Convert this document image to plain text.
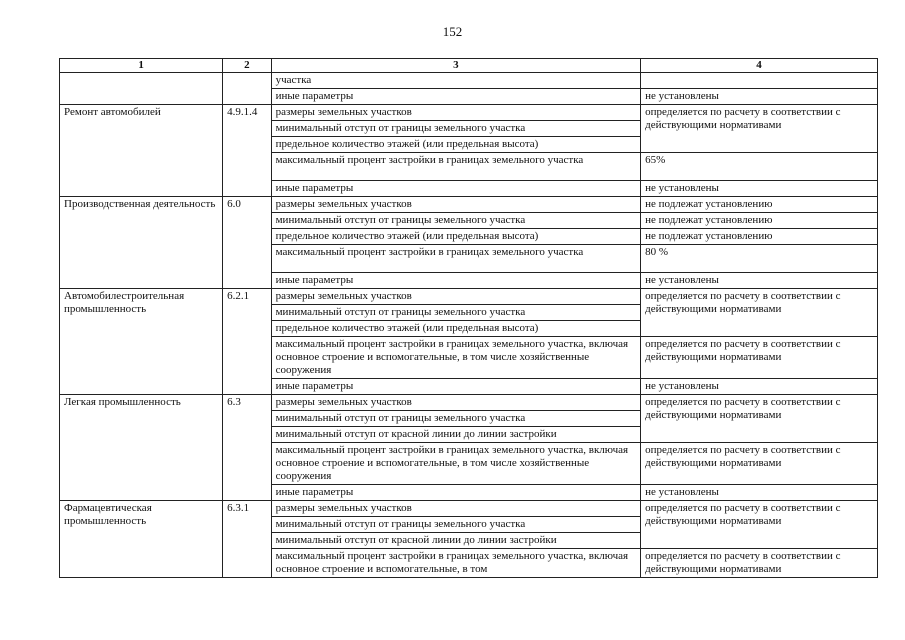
152
1	2	3	4
		участка	
		иные параметры	не установлены
Ремонт автомобилей	4.9.1.4	размеры земельных участков	определяется по расчету в соответствии с действующими нормативами
		минимальный отступ от границы земельного участка	
		предельное количество этажей (или предельная высота)	
		максимальный процент застройки в границах земельного участка	65%
		иные параметры	не установлены
Производственная деятельность	6.0	размеры земельных участков	не подлежат установлению
		минимальный отступ от границы земельного участка	не подлежат установлению
		предельное количество этажей (или предельная высота)	не подлежат установлению
		максимальный процент застройки в границах земельного участка	80 %
		иные параметры	не установлены
Автомобилестроительная промышленность	6.2.1	размеры земельных участков	определяется по расчету в соответствии с действующими нормативами
		минимальный отступ от границы земельного участка	
		предельное количество этажей (или предельная высота)	
		максимальный процент застройки в границах земельного участка, включая основное строение и вспомогательные, в том числе хозяйственные сооружения	определяется по расчету в соответствии с действующими нормативами
		иные параметры	не установлены
Легкая промышленность	6.3	размеры земельных участков	определяется по расчету в соответствии с действующими нормативами
		минимальный отступ от границы земельного участка	
		минимальный отступ от красной линии до линии застройки	
		максимальный процент застройки в границах земельного участка, включая основное строение и вспомогательные, в том числе хозяйственные сооружения	определяется по расчету в соответствии с действующими нормативами
		иные параметры	не установлены
Фармацевтическая промышленность	6.3.1	размеры земельных участков	определяется по расчету в соответствии с действующими нормативами
		минимальный отступ от границы земельного участка	
		минимальный отступ от красной линии до линии застройки	
		максимальный процент застройки в границах земельного участка, включая основное строение и вспомогательные, в том	определяется по расчету в соответствии с действующими нормативами
